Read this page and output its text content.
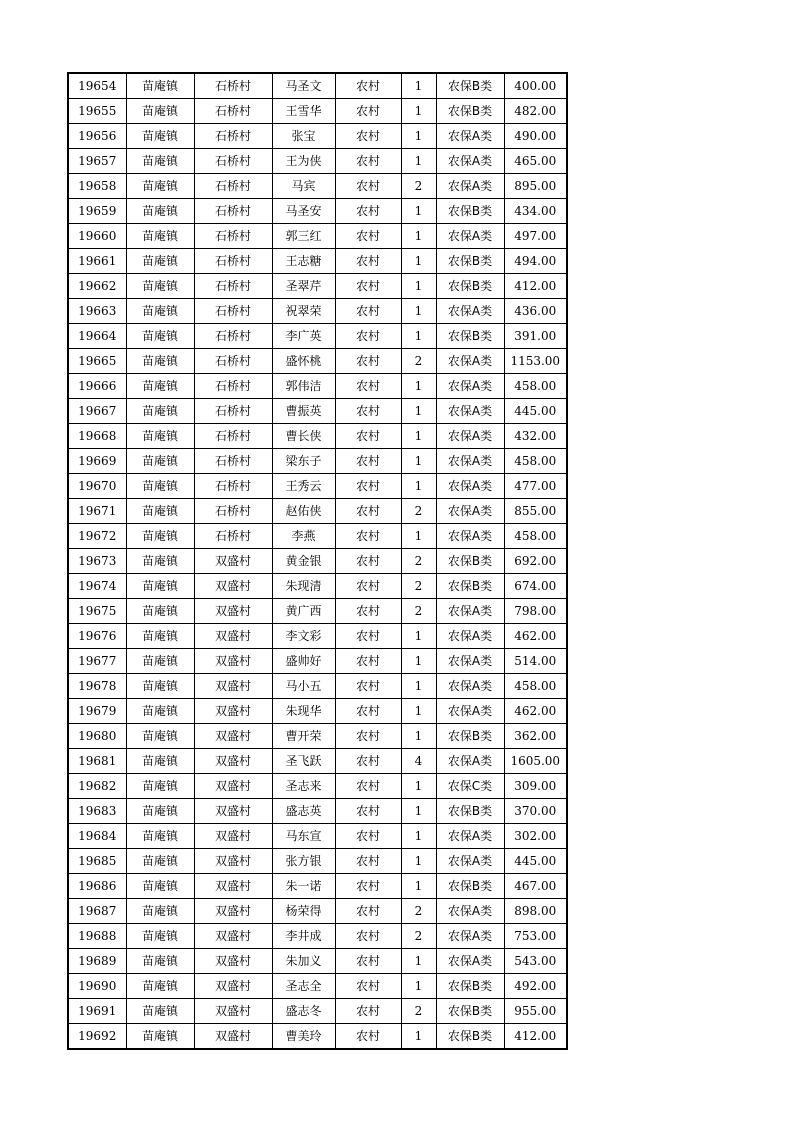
19654	苗庵镇	石桥村	马圣文	农村	1	农保B类	400.00
19655	苗庵镇	石桥村	王雪华	农村	1	农保B类	482.00
19656	苗庵镇	石桥村	张宝	农村	1	农保A类	490.00
19657	苗庵镇	石桥村	王为侠	农村	1	农保A类	465.00
19658	苗庵镇	石桥村	马宾	农村	2	农保A类	895.00
19659	苗庵镇	石桥村	马圣安	农村	1	农保B类	434.00
19660	苗庵镇	石桥村	郭三红	农村	1	农保A类	497.00
19661	苗庵镇	石桥村	王志糖	农村	1	农保B类	494.00
19662	苗庵镇	石桥村	圣翠芹	农村	1	农保B类	412.00
19663	苗庵镇	石桥村	祝翠荣	农村	1	农保A类	436.00
19664	苗庵镇	石桥村	李广英	农村	1	农保B类	391.00
19665	苗庵镇	石桥村	盛怀桃	农村	2	农保A类	1153.00
19666	苗庵镇	石桥村	郭伟洁	农村	1	农保A类	458.00
19667	苗庵镇	石桥村	曹振英	农村	1	农保A类	445.00
19668	苗庵镇	石桥村	曹长侠	农村	1	农保A类	432.00
19669	苗庵镇	石桥村	梁东子	农村	1	农保A类	458.00
19670	苗庵镇	石桥村	王秀云	农村	1	农保A类	477.00
19671	苗庵镇	石桥村	赵佑侠	农村	2	农保A类	855.00
19672	苗庵镇	石桥村	李燕	农村	1	农保A类	458.00
19673	苗庵镇	双盛村	黄金银	农村	2	农保B类	692.00
19674	苗庵镇	双盛村	朱现清	农村	2	农保B类	674.00
19675	苗庵镇	双盛村	黄广西	农村	2	农保A类	798.00
19676	苗庵镇	双盛村	李文彩	农村	1	农保A类	462.00
19677	苗庵镇	双盛村	盛帅好	农村	1	农保A类	514.00
19678	苗庵镇	双盛村	马小五	农村	1	农保A类	458.00
19679	苗庵镇	双盛村	朱现华	农村	1	农保A类	462.00
19680	苗庵镇	双盛村	曹开荣	农村	1	农保B类	362.00
19681	苗庵镇	双盛村	圣飞跃	农村	4	农保A类	1605.00
19682	苗庵镇	双盛村	圣志来	农村	1	农保C类	309.00
19683	苗庵镇	双盛村	盛志英	农村	1	农保B类	370.00
19684	苗庵镇	双盛村	马东宣	农村	1	农保A类	302.00
19685	苗庵镇	双盛村	张方银	农村	1	农保A类	445.00
19686	苗庵镇	双盛村	朱一诺	农村	1	农保B类	467.00
19687	苗庵镇	双盛村	杨荣得	农村	2	农保A类	898.00
19688	苗庵镇	双盛村	李井成	农村	2	农保A类	753.00
19689	苗庵镇	双盛村	朱加义	农村	1	农保A类	543.00
19690	苗庵镇	双盛村	圣志全	农村	1	农保B类	492.00
19691	苗庵镇	双盛村	盛志冬	农村	2	农保B类	955.00
19692	苗庵镇	双盛村	曹美玲	农村	1	农保B类	412.00
